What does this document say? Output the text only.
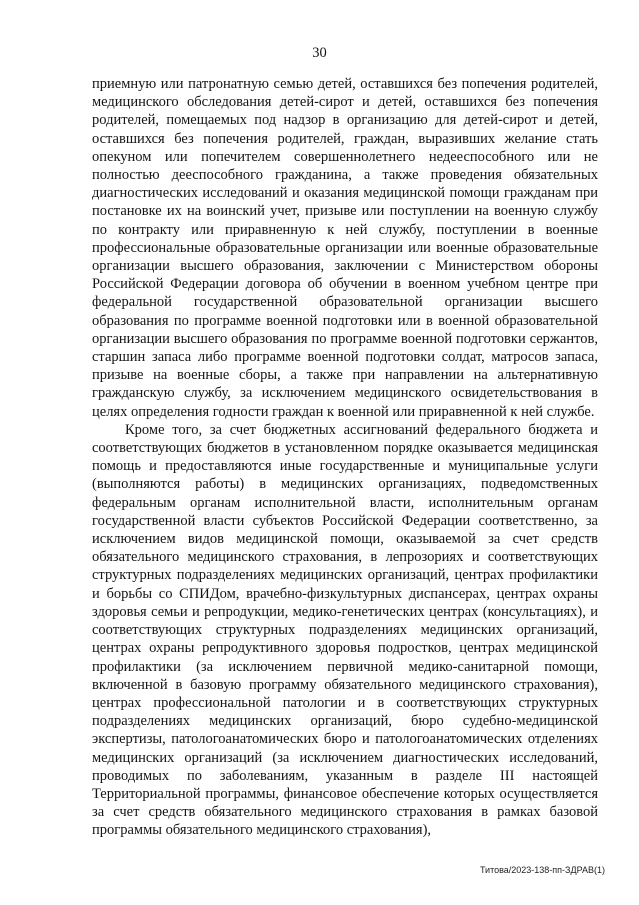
30

приемную или патронатную семью детей, оставшихся без попечения родителей, медицинского обследования детей-сирот и детей, оставшихся без попечения родителей, помещаемых под надзор в организацию для детей-сирот и детей, оставшихся без попечения родителей, граждан, выразивших желание стать опекуном или попечителем совершеннолетнего недееспособного или не полностью дееспособного гражданина, а также проведения обязательных диагностических исследований и оказания медицинской помощи гражданам при постановке их на воинский учет, призыве или поступлении на военную службу по контракту или приравненную к ней службу, поступлении в военные профессиональные образовательные организации или военные образовательные организации высшего образования, заключении с Министерством обороны Российской Федерации договора об обучении в военном учебном центре при федеральной государственной образовательной организации высшего образования по программе военной подготовки или в военной образовательной организации высшего образования по программе военной подготовки сержантов, старшин запаса либо программе военной подготовки солдат, матросов запаса, призыве на военные сборы, а также при направлении на альтернативную гражданскую службу, за исключением медицинского освидетельствования в целях определения годности граждан к военной или приравненной к ней службе.

Кроме того, за счет бюджетных ассигнований федерального бюджета и соответствующих бюджетов в установленном порядке оказывается медицинская помощь и предоставляются иные государственные и муниципальные услуги (выполняются работы) в медицинских организациях, подведомственных федеральным органам исполнительной власти, исполнительным органам государственной власти субъектов Российской Федерации соответственно, за исключением видов медицинской помощи, оказываемой за счет средств обязательного медицинского страхования, в лепрозориях и соответствующих структурных подразделениях медицинских организаций, центрах профилактики и борьбы со СПИДом, врачебно-физкультурных диспансерах, центрах охраны здоровья семьи и репродукции, медико-генетических центрах (консультациях), и соответствующих структурных подразделениях медицинских организаций, центрах охраны репродуктивного здоровья подростков, центрах медицинской профилактики (за исключением первичной медико-санитарной помощи, включенной в базовую программу обязательного медицинского страхования), центрах профессиональной патологии и в соответствующих структурных подразделениях медицинских организаций, бюро судебно-медицинской экспертизы, патологоанатомических бюро и патологоанатомических отделениях медицинских организаций (за исключением диагностических исследований, проводимых по заболеваниям, указанным в разделе III настоящей Территориальной программы, финансовое обеспечение которых осуществляется за счет средств обязательного медицинского страхования в рамках базовой программы обязательного медицинского страхования),

Титова/2023-138-пп-ЗДРАВ(1)
